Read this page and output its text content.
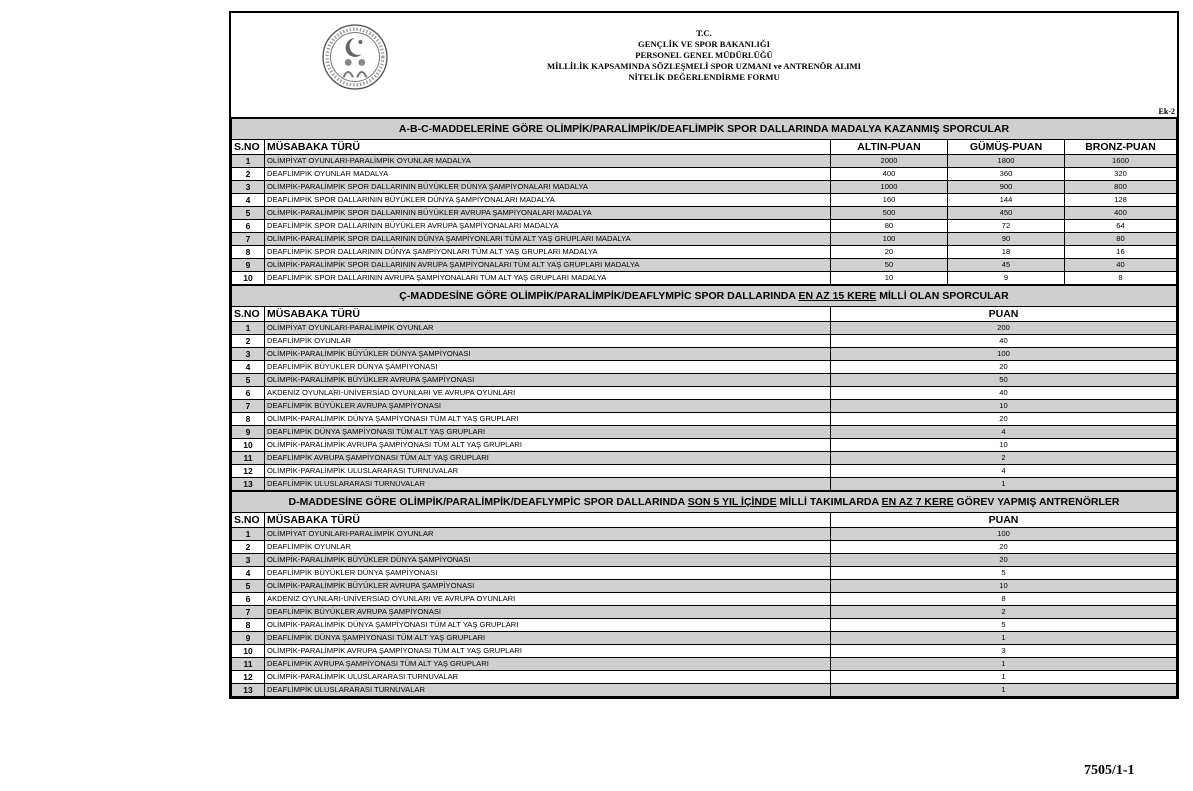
T.C.
GENÇLİK VE SPOR BAKANLIĞI
PERSONEL GENEL MÜDÜRLÜĞÜ
MİLLİLİK KAPSAMINDA SÖZLEŞMELİ SPOR UZMANI ve ANTRENÖR ALIMI
NİTELİK DEĞERLENDİRME FORMU
Ek-2
A-B-C-MADDELERİNE GÖRE OLİMPİK/PARALİMPİK/DEAFLİMPİK SPOR DALLARINDA MADALYA KAZANMIŞ SPORCULAR				
S.NO	MÜSABAKA TÜRÜ	ALTIN-PUAN	GÜMÜŞ-PUAN	BRONZ-PUAN
1	OLİMPİYAT OYUNLARI-PARALİMPİK OYUNLAR MADALYA	2000	1800	1600
2	DEAFLİMPİK OYUNLAR MADALYA	400	360	320
3	OLİMPİK-PARALİMPİK SPOR DALLARININ BÜYÜKLER DÜNYA ŞAMPİYONALARI MADALYA	1000	900	800
4	DEAFLİMPİK SPOR DALLARININ BÜYÜKLER DÜNYA ŞAMPİYONALARI MADALYA	160	144	128
5	OLİMPİK-PARALİMPİK SPOR DALLARININ BÜYÜKLER AVRUPA ŞAMPİYONALARI MADALYA	500	450	400
6	DEAFLİMPİK SPOR DALLARININ BÜYÜKLER AVRUPA ŞAMPİYONALARI MADALYA	80	72	64
7	OLİMPİK-PARALİMPİK SPOR DALLARININ DÜNYA ŞAMPİYONLARI TÜM ALT YAŞ GRUPLARI MADALYA	100	90	80
8	DEAFLİMPİK SPOR DALLARININ DÜNYA ŞAMPİYONLARI TÜM ALT YAŞ GRUPLARI MADALYA	20	18	16
9	OLİMPİK-PARALİMPİK SPOR DALLARININ AVRUPA ŞAMPİYONALARI TÜM ALT YAŞ GRUPLARI MADALYA	50	45	40
10	DEAFLİMPİK SPOR DALLARININ AVRUPA ŞAMPİYONALARI TÜM ALT YAŞ GRUPLARI MADALYA	10	9	8
Ç-MADDESİNE GÖRE OLİMPİK/PARALİMPİK/DEAFLYMPİC SPOR DALLARINDA EN AZ 15 KERE MİLLİ OLAN SPORCULAR		
S.NO	MÜSABAKA TÜRÜ	PUAN
1	OLİMPİYAT OYUNLARI-PARALİMPİK OYUNLAR	200
2	DEAFLİMPİK OYUNLAR	40
3	OLİMPİK-PARALİMPİK BÜYÜKLER DÜNYA ŞAMPİYONASI	100
4	DEAFLİMPİK BÜYÜKLER DÜNYA ŞAMPİYONASI	20
5	OLİMPİK-PARALİMPİK BÜYÜKLER AVRUPA ŞAMPİYONASI	50
6	AKDENİZ OYUNLARI-UNİVERSİAD OYUNLARI VE AVRUPA OYUNLARI	40
7	DEAFLİMPİK BÜYÜKLER AVRUPA ŞAMPİYONASI	10
8	OLİMPİK-PARALİMPİK DÜNYA ŞAMPİYONASI TÜM ALT YAŞ GRUPLARI	20
9	DEAFLİMPİK DÜNYA ŞAMPİYONASI TÜM ALT YAŞ GRUPLARI	4
10	OLİMPİK-PARALİMPİK AVRUPA ŞAMPİYONASI TÜM ALT YAŞ GRUPLARI	10
11	DEAFLİMPİK AVRUPA ŞAMPİYONASI TÜM ALT YAŞ GRUPLARI	2
12	OLİMPİK-PARALİMPİK ULUSLARARASI TURNUVALAR	4
13	DEAFLİMPİK ULUSLARARASI TURNUVALAR	1
D-MADDESİNE GÖRE OLİMPİK/PARALİMPİK/DEAFLYMPİC SPOR DALLARINDA SON 5 YIL İÇİNDE MİLLİ TAKIMLARDA EN AZ 7 KERE GÖREV YAPMIŞ ANTRENÖRLER		
S.NO	MÜSABAKA TÜRÜ	PUAN
1	OLİMPİYAT OYUNLARI-PARALİMPİK OYUNLAR	100
2	DEAFLİMPİK OYUNLAR	20
3	OLİMPİK-PARALİMPİK BÜYÜKLER DÜNYA ŞAMPİYONASI	20
4	DEAFLİMPİK BÜYÜKLER DÜNYA ŞAMPİYONASI	5
5	OLİMPİK-PARALİMPİK BÜYÜKLER AVRUPA ŞAMPİYONASI	10
6	AKDENİZ OYUNLARI-UNİVERSİAD OYUNLARI VE AVRUPA OYUNLARI	8
7	DEAFLİMPİK BÜYÜKLER AVRUPA ŞAMPİYONASI	2
8	OLİMPİK-PARALİMPİK DÜNYA ŞAMPİYONASI TÜM ALT YAŞ GRUPLARI	5
9	DEAFLİMPİK DÜNYA ŞAMPİYONASI TÜM ALT YAŞ GRUPLARI	1
10	OLİMPİK-PARALİMPİK AVRUPA ŞAMPİYONASI TÜM ALT YAŞ GRUPLARI	3
11	DEAFLİMPİK AVRUPA ŞAMPİYONASI TÜM ALT YAŞ GRUPLARI	1
12	OLİMPİK-PARALİMPİK ULUSLARARASI TURNUVALAR	1
13	DEAFLİMPİK ULUSLARARASI TURNUVALAR	1
7505/1-1
